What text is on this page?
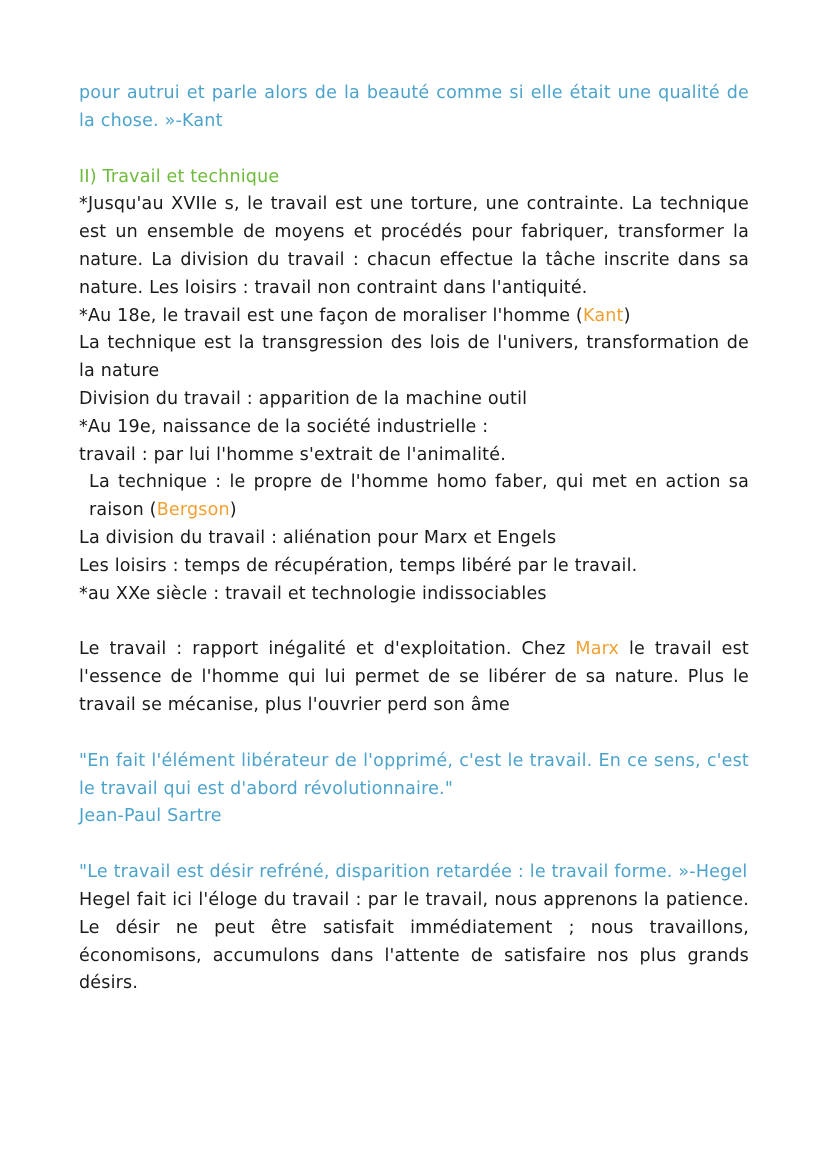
pour autrui et parle alors de la beauté comme si elle était une qualité de la chose. »-Kant

II) Travail et technique

*Jusqu'au XVIIe s, le travail est une torture, une contrainte. La technique est un ensemble de moyens et procédés pour fabriquer, transformer la nature. La division du travail : chacun effectue la tâche inscrite dans sa nature. Les loisirs : travail non contraint dans l'antiquité.

*Au 18e, le travail est une façon de moraliser l'homme (Kant)

La technique est la transgression des lois de l'univers, transformation de la nature

Division du travail : apparition de la machine outil

*Au 19e, naissance de la société industrielle :

travail : par lui l'homme s'extrait de l'animalité.

La technique : le propre de l'homme homo faber, qui met en action sa raison (Bergson)

La division du travail : aliénation pour Marx et Engels

Les loisirs : temps de récupération, temps libéré par le travail.

*au XXe siècle : travail et technologie indissociables

Le travail : rapport inégalité et d'exploitation. Chez Marx le travail est l'essence de l'homme qui lui permet de se libérer de sa nature. Plus le travail se mécanise, plus l'ouvrier perd son âme

"En fait l'élément libérateur de l'opprimé, c'est le travail. En ce sens, c'est le travail qui est d'abord révolutionnaire."

Jean-Paul Sartre

"Le travail est désir refréné, disparition retardée : le travail forme. »-Hegel

Hegel fait ici l'éloge du travail : par le travail, nous apprenons la patience. Le désir ne peut être satisfait immédiatement ; nous travaillons, économisons, accumulons dans l'attente de satisfaire nos plus grands désirs.
